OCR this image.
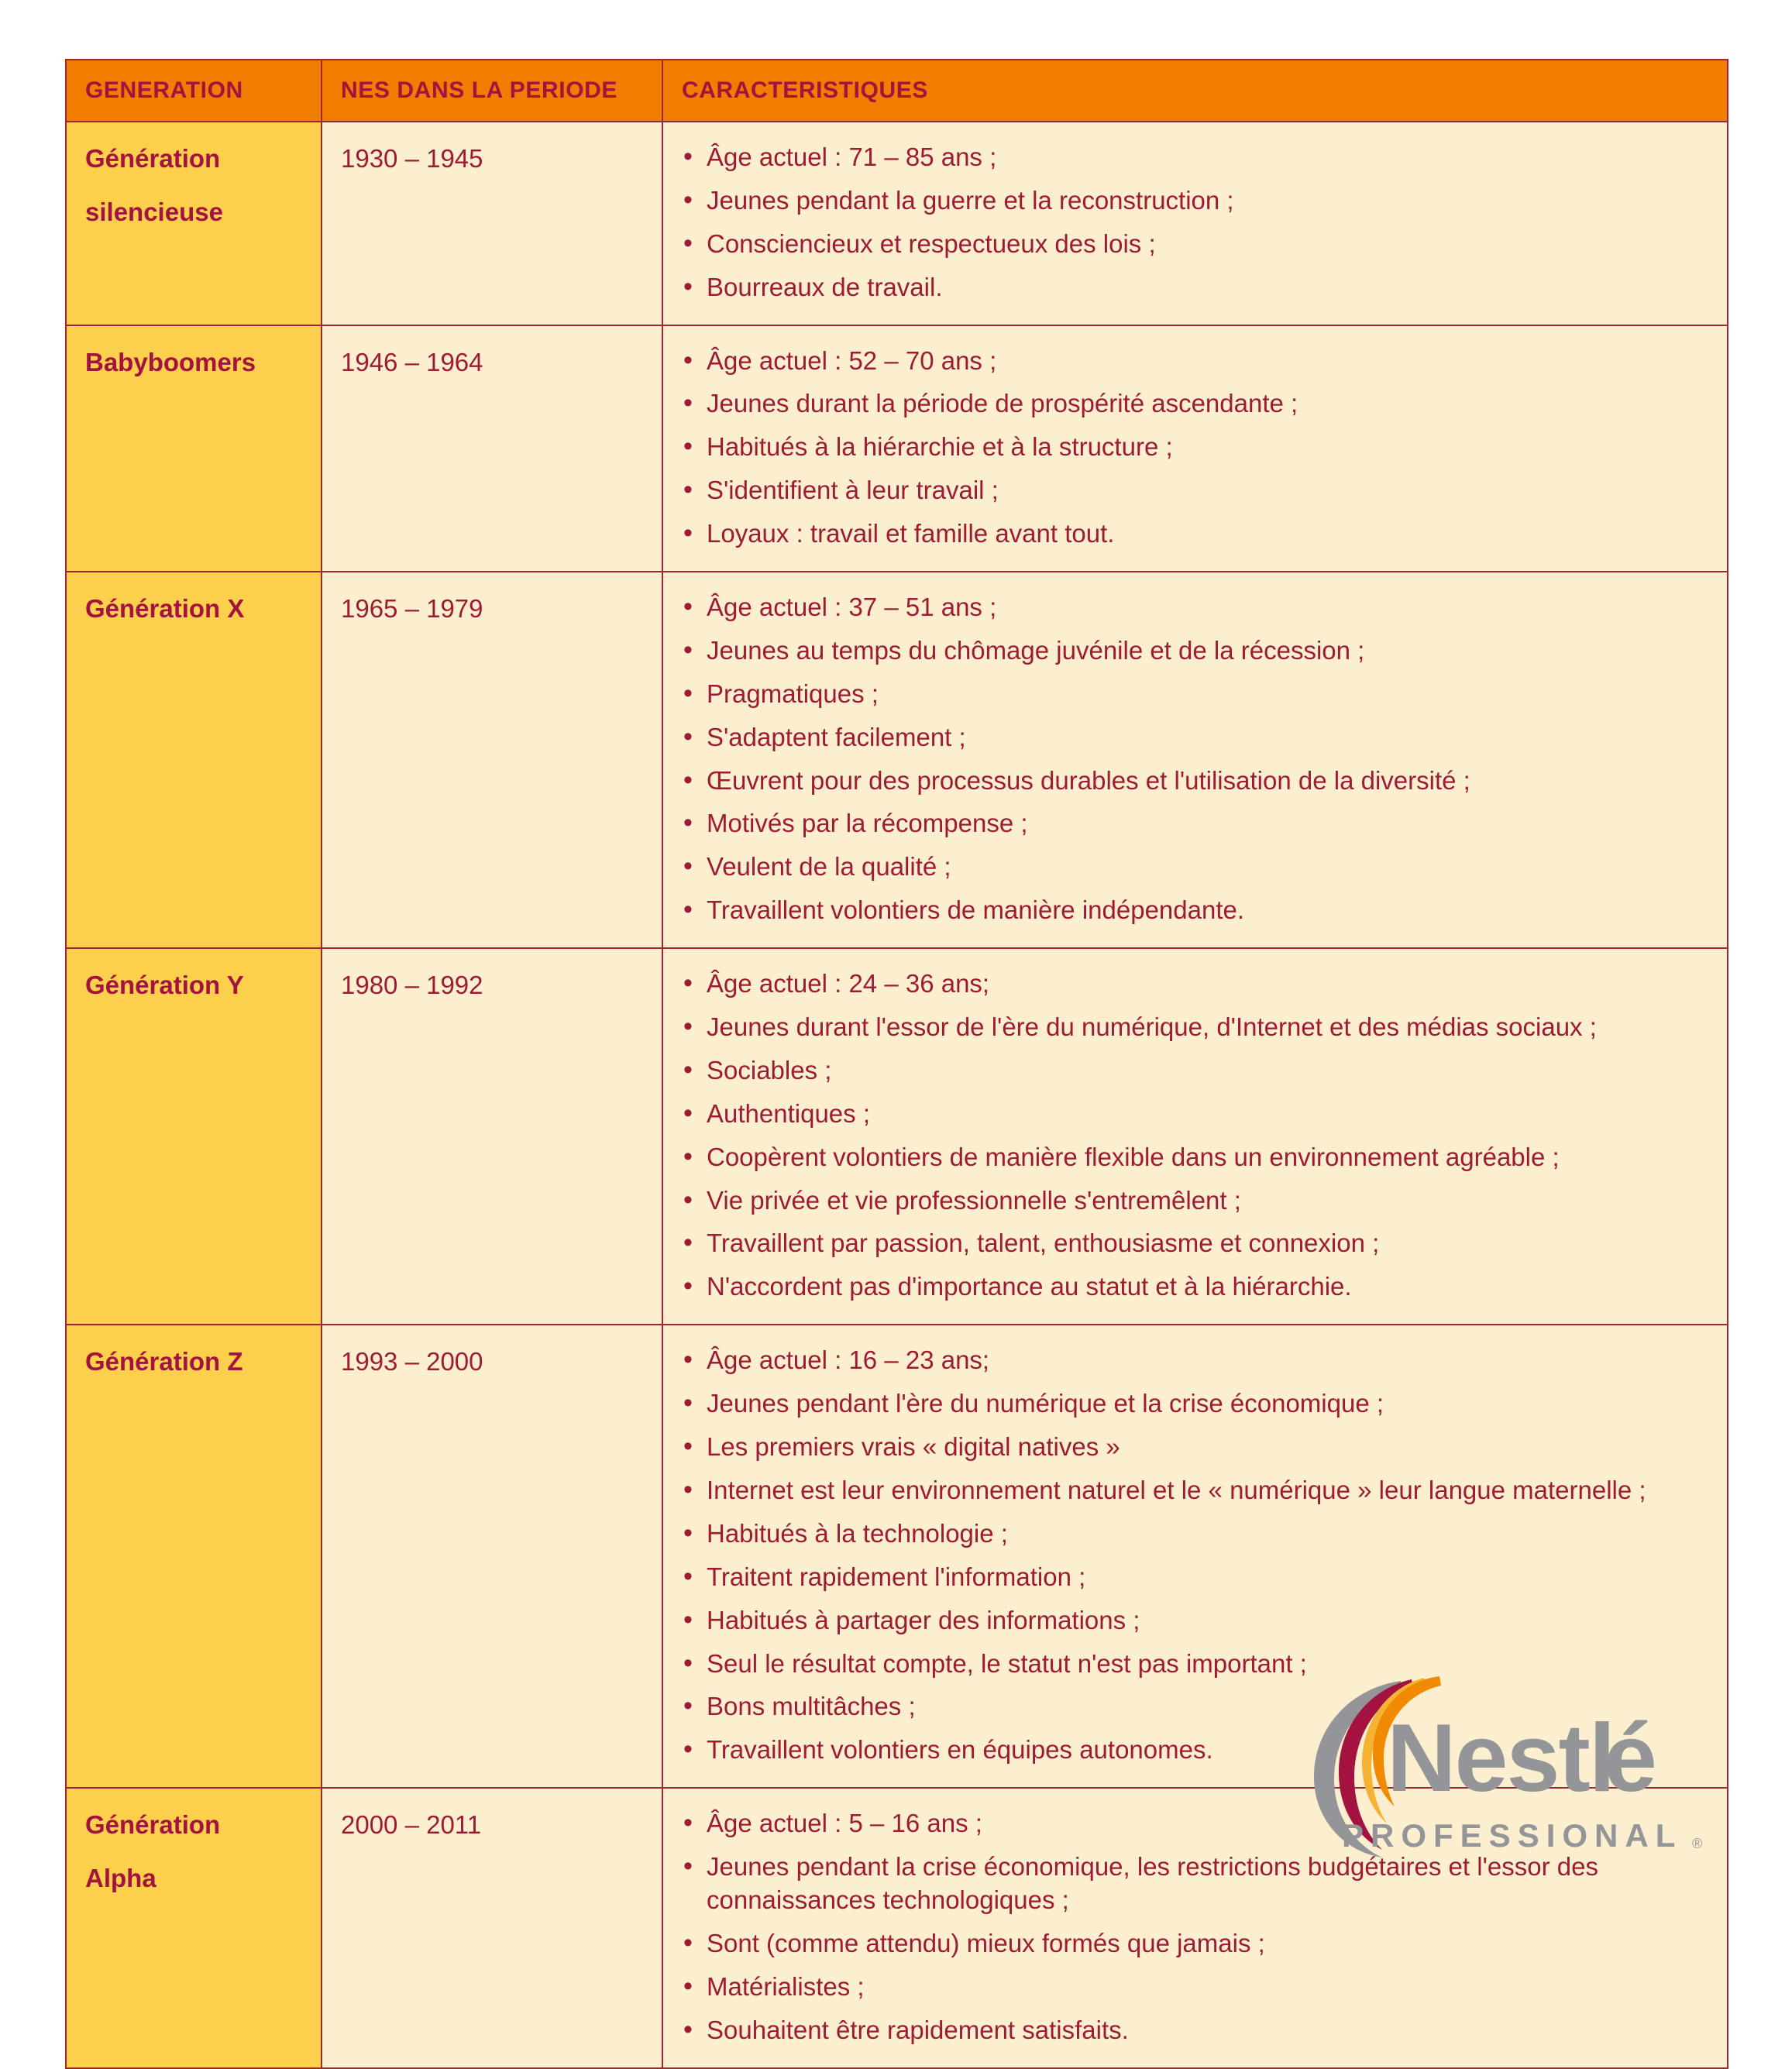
GENERATION	NES DANS LA PERIODE	CARACTERISTIQUES

Génération
silencieuse
	1930 – 1945	
•Âge actuel : 71 – 85 ans ;
• Jeunes pendant la guerre et la reconstruction ;
• Consciencieux et respectueux des lois ;
• Bourreaux de travail.

Babyboomers	1946 – 1964	
•Âge actuel : 52 – 70 ans ;
• Jeunes durant la période de prospérité ascendante ;
• Habitués à la hiérarchie et à la structure ;
• S'identifient à leur travail ;
• Loyaux : travail et famille avant tout.

Génération X	1965 – 1979	
•Âge actuel : 37 – 51 ans ;
• Jeunes au temps du chômage juvénile et de la récession ;
• Pragmatiques ;
• S'adaptent facilement ;
• Œuvrent pour des processus durables et l'utilisation de la diversité ;
• Motivés par la récompense ;
• Veulent de la qualité ;
• Travaillent volontiers de manière indépendante.

Génération Y	1980 – 1992	
•Âge actuel : 24 – 36 ans;
• Jeunes durant l'essor de l'ère du numérique, d'Internet et des médias sociaux ;
• Sociables ;
• Authentiques ;
• Coopèrent volontiers de manière flexible dans un environnement agréable ;
• Vie privée et vie professionnelle s'entremêlent ;
• Travaillent par passion, talent, enthousiasme et connexion ;
• N'accordent pas d'importance au statut et à la hiérarchie.

Génération Z	1993 – 2000	
•Âge actuel : 16 – 23 ans;
• Jeunes pendant l'ère du numérique et la crise économique ;
• Les premiers vrais « digital natives »
• Internet est leur environnement naturel et le « numérique » leur langue maternelle ;
• Habitués à la technologie ;
• Traitent rapidement l'information ;
• Habitués à partager des informations ;
• Seul le résultat compte, le statut n'est pas important ;
• Bons multitâches ;
• Travaillent volontiers en équipes autonomes.

Génération
Alpha
	2000 – 2011	
•Âge actuel : 5 – 16 ans ;
• Jeunes pendant la crise économique, les restrictions budgétaires et l'essor des connaissances technologiques ;
• Sont (comme attendu) mieux formés que jamais ;
• Matérialistes ;
• Souhaitent être rapidement satisfaits.
Nestl
é
PROFESSIONAL ®
